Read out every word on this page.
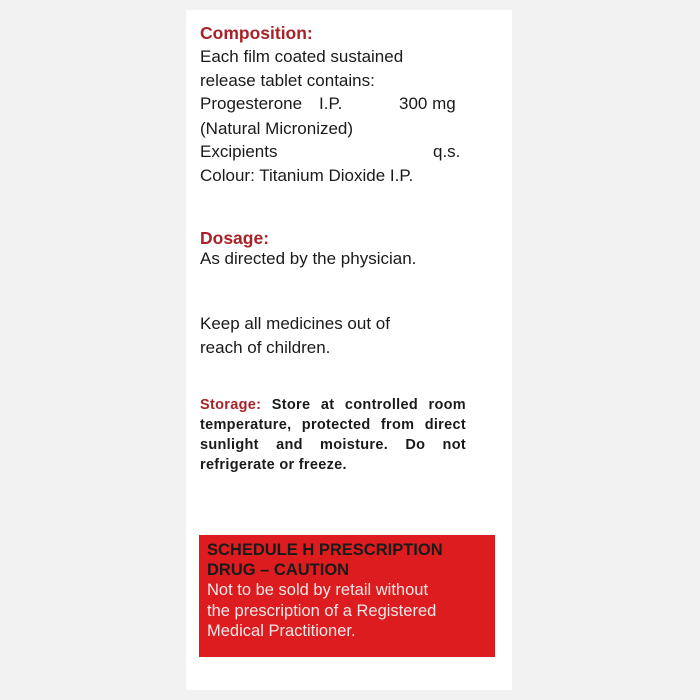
Composition:
Each film coated sustained
release tablet contains:
Progesterone I.P.	300 mg
(Natural Micronized)
Excipients	q.s.
Colour: Titanium Dioxide I.P.
Dosage:
As directed by the physician.
Keep all medicines out of
reach of children.
Storage: Store at controlled room temperature, protected from direct sunlight and moisture. Do not refrigerate or freeze.
SCHEDULE H PRESCRIPTION
DRUG – CAUTION
Not to be sold by retail without
the prescription of a Registered
Medical Practitioner.
